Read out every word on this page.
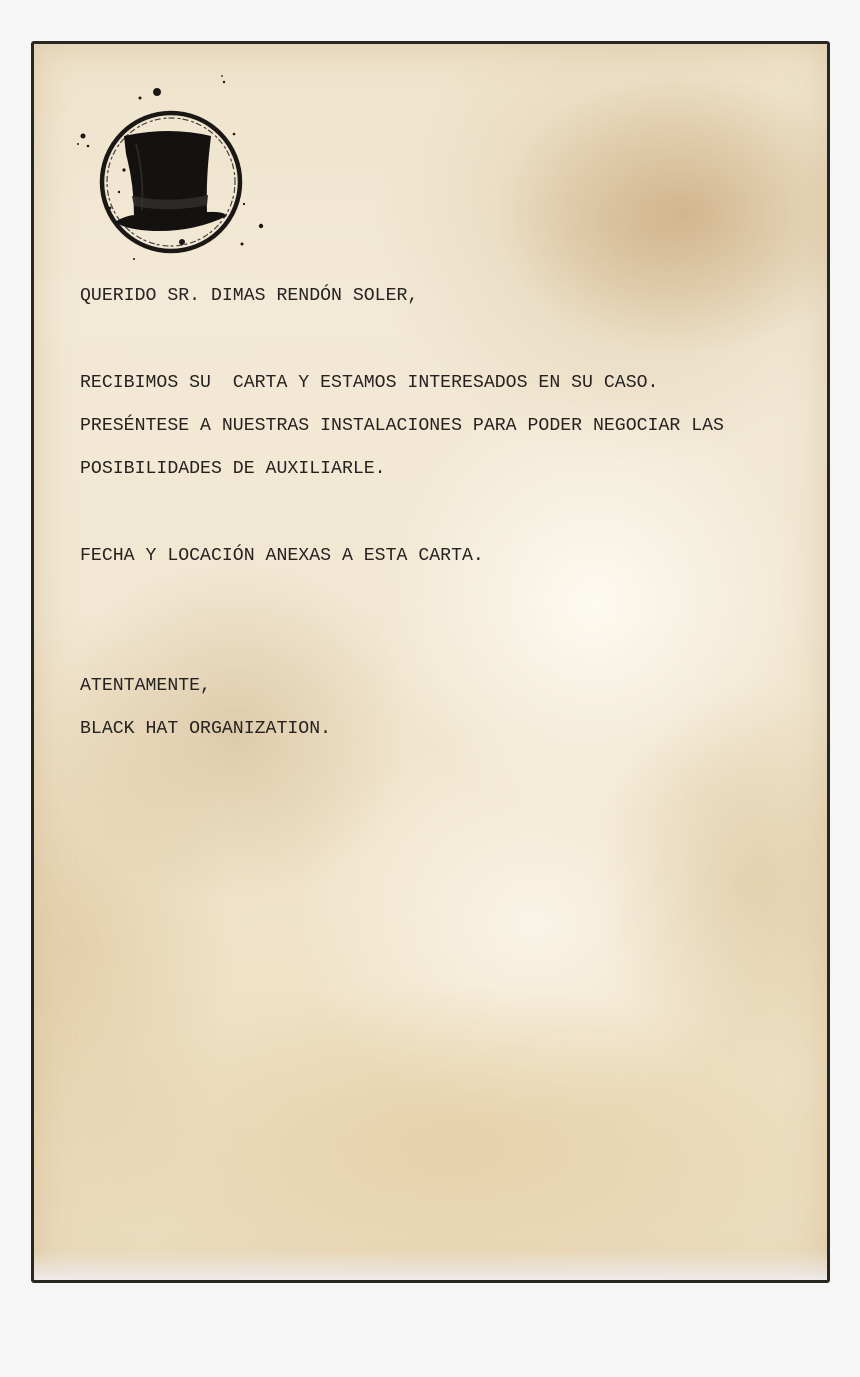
QUERIDO SR. DIMAS RENDÓN SOLER,
RECIBIMOS SU  CARTA Y ESTAMOS INTERESADOS EN SU CASO.
PRESÉNTESE A NUESTRAS INSTALACIONES PARA PODER NEGOCIAR LAS
POSIBILIDADES DE AUXILIARLE.
FECHA Y LOCACIÓN ANEXAS A ESTA CARTA.
ATENTAMENTE,
BLACK HAT ORGANIZATION.
